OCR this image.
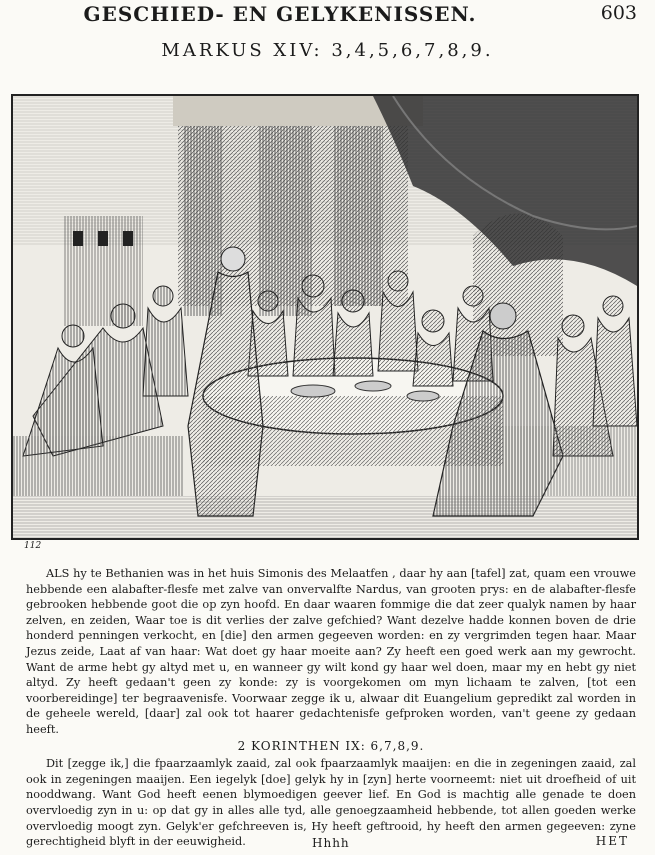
GESCHIED- EN GELYKENISSEN.	603
MARKUS XIV: 3,4,5,6,7,8,9.
112

ALS hy te Bethanien was in het huis Simonis des Melaatfen , daar hy aan [tafel] zat, quam een vrouwe hebbende een alabafter-flesfe met zalve van onvervalfte Nardus, van grooten prys: en de alabafter-flesfe gebrooken hebbende goot die op zyn hoofd. En daar waaren fommige die dat zeer qualyk namen by haar zelven, en zeiden, Waar toe is dit verlies der zalve gefchied? Want dezelve hadde konnen boven de drie honderd penningen verkocht, en [die] den armen gegeeven worden: en zy vergrimden tegen haar. Maar Jezus zeide, Laat af van haar: Wat doet gy haar moeite aan? Zy heeft een goed werk aan my gewrocht. Want de arme hebt gy altyd met u, en wanneer gy wilt kond gy haar wel doen, maar my en hebt gy niet altyd. Zy heeft gedaan't geen zy konde: zy is voorgekomen om myn lichaam te zalven, [tot een voorbereidinge] ter begraavenisfe. Voorwaar zegge ik u, alwaar dit Euangelium gepredikt zal worden in de geheele wereld, [daar] zal ook tot haarer gedachtenisfe gefproken worden, van't geene zy gedaan heeft.

2 KORINTHEN IX: 6,7,8,9.

Dit [zegge ik,] die fpaarzaamlyk zaaid, zal ook fpaarzaamlyk maaijen: en die in zegeningen zaaid, zal ook in zegeningen maaijen. Een iegelyk [doe] gelyk hy in [zyn] herte voorneemt: niet uit droefheid of uit nooddwang. Want God heeft eenen blymoedigen geever lief. En God is machtig alle genade te doen overvloedig zyn in u: op dat gy in alles alle tyd, alle genoegzaamheid hebbende, tot allen goeden werke overvloedig moogt zyn. Gelyk'er gefchreeven is, Hy heeft geftrooid, hy heeft den armen gegeeven: zyne gerechtigheid blyft in der eeuwigheid.	Hhhh	HET
